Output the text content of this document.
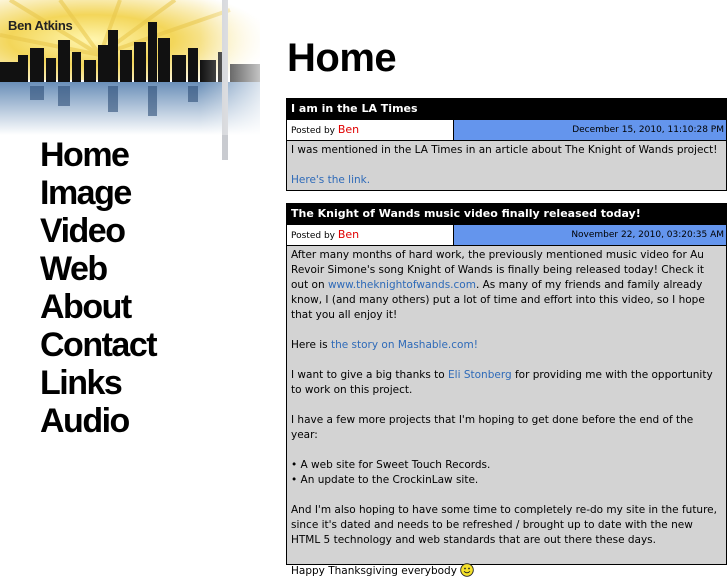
Ben Atkins
Home
Image
Video
Web
About
Contact
Links
Audio
Home
I am in the LA Times
Posted by Ben	December 15, 2010, 11:10:28 PM

I was mentioned in the LA Times in an article about The Knight of Wands project!

Here's the link.

The Knight of Wands music video finally released today!
Posted by Ben	November 22, 2010, 03:20:35 AM

After many months of hard work, the previously mentioned music video for Au Revoir Simone's song Knight of Wands is finally being released today! Check it out on www.theknightofwands.com. As many of my friends and family already know, I (and many others) put a lot of time and effort into this video, so I hope that you all enjoy it!

Here is the story on Mashable.com!

I want to give a big thanks to Eli Stonberg for providing me with the opportunity to work on this project.

I have a few more projects that I'm hoping to get done before the end of the year:

• A web site for Sweet Touch Records.
• An update to the CrockinLaw site.

And I'm also hoping to have some time to completely re-do my site in the future, since it's dated and needs to be refreshed / brought up to date with the new HTML 5 technology and web standards that are out there these days.

Happy Thanksgiving everybody
